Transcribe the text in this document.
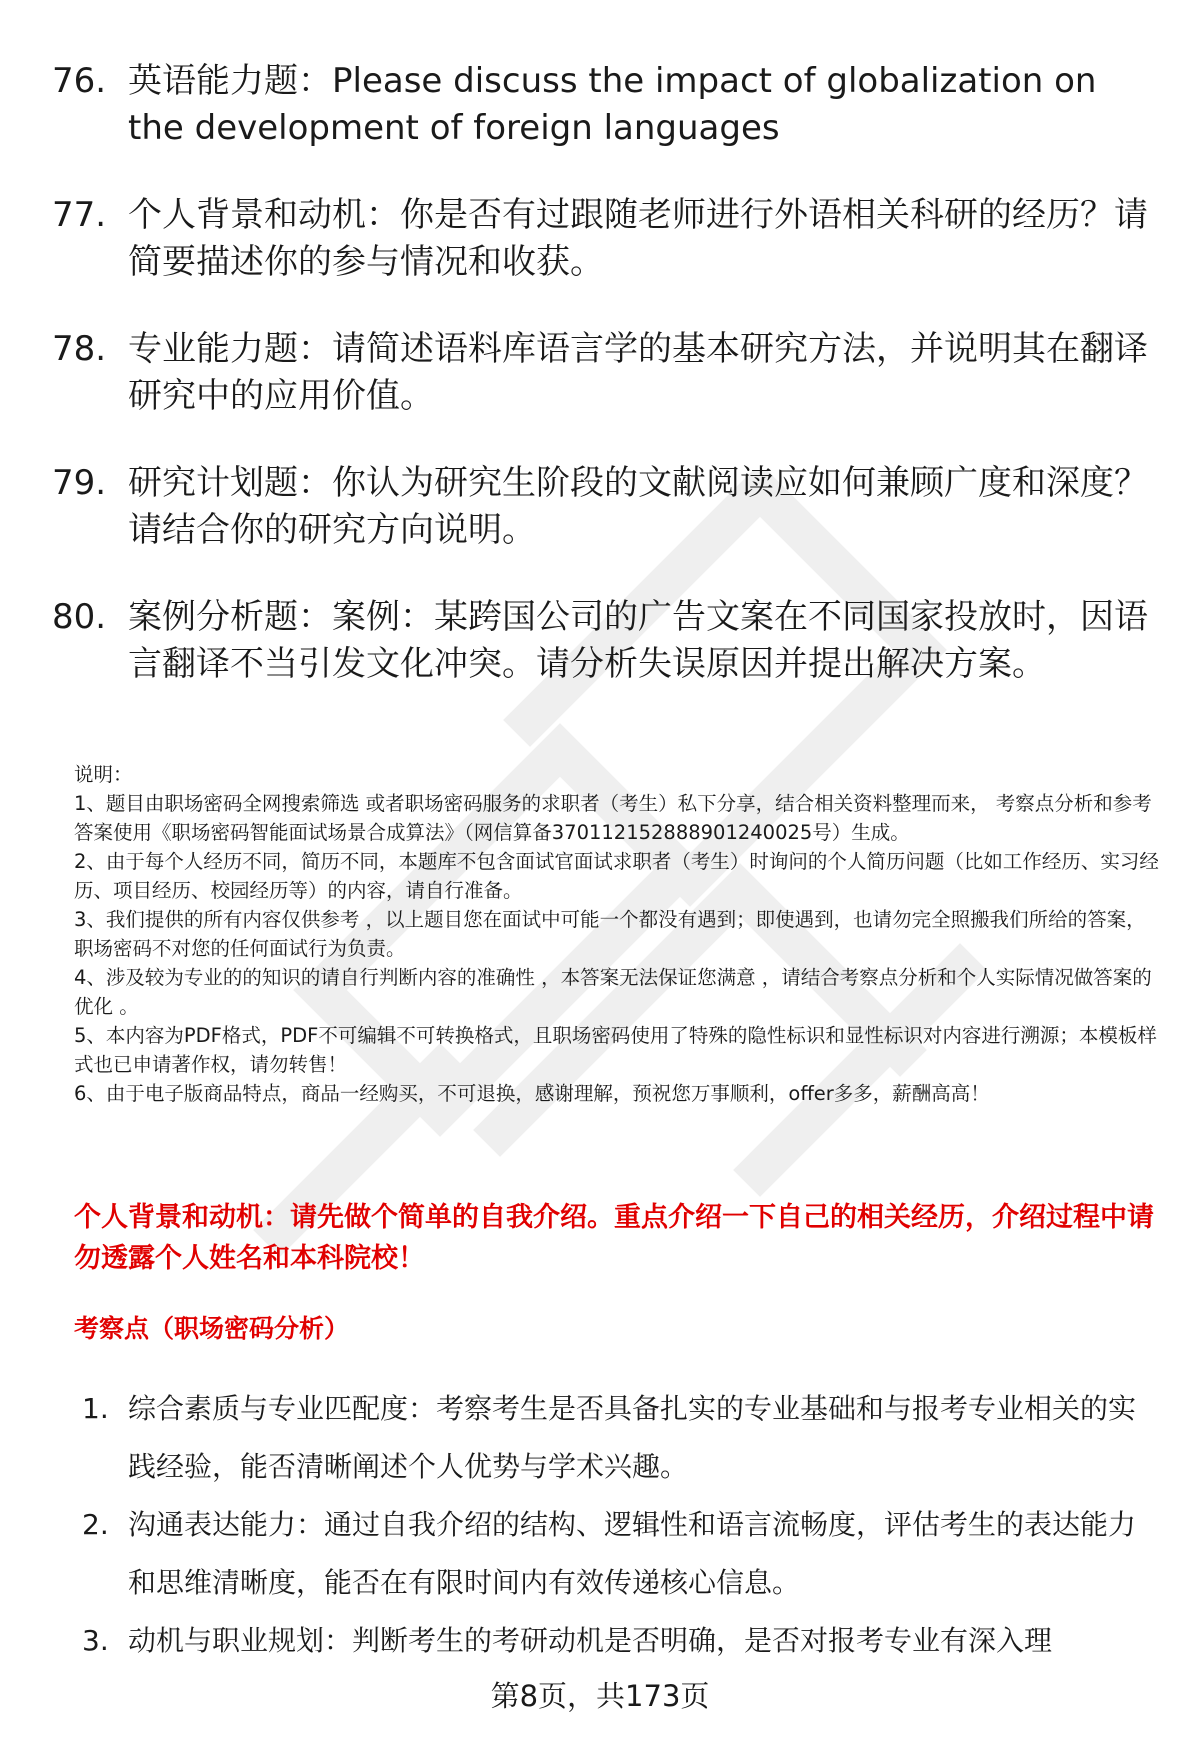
76. 英语能力题：Please discuss the impact of globalization on the development of foreign languages
77. 个人背景和动机：你是否有过跟随老师进行外语相关科研的经历？请简要描述你的参与情况和收获。
78. 专业能力题：请简述语料库语言学的基本研究方法，并说明其在翻译研究中的应用价值。
79. 研究计划题：你认为研究生阶段的文献阅读应如何兼顾广度和深度？请结合你的研究方向说明。
80. 案例分析题：案例：某跨国公司的广告文案在不同国家投放时，因语言翻译不当引发文化冲突。请分析失误原因并提出解决方案。

说明：

1、题目由职场密码全网搜索筛选 或者职场密码服务的求职者（考生）私下分享，结合相关资料整理而来， 考察点分析和参考答案使用《职场密码智能面试场景合成算法》（网信算备370112152888901240025号）生成。

2、由于每个人经历不同，简历不同，本题库不包含面试官面试求职者（考生）时询问的个人简历问题（比如工作经历、实习经历、项目经历、校园经历等）的内容，请自行准备。

3、我们提供的所有内容仅供参考 ，以上题目您在面试中可能一个都没有遇到；即使遇到，也请勿完全照搬我们所给的答案，职场密码不对您的任何面试行为负责。

4、涉及较为专业的的知识的请自行判断内容的准确性 ，本答案无法保证您满意 ，请结合考察点分析和个人实际情况做答案的优化 。

5、本内容为PDF格式，PDF不可编辑不可转换格式，且职场密码使用了特殊的隐性标识和显性标识对内容进行溯源；本模板样式也已申请著作权，请勿转售！

6、由于电子版商品特点，商品一经购买，不可退换，感谢理解，预祝您万事顺利，offer多多，薪酬高高！

个人背景和动机：请先做个简单的自我介绍。重点介绍一下自己的相关经历，介绍过程中请勿透露个人姓名和本科院校！
考察点（职场密码分析）
1. 综合素质与专业匹配度：考察考生是否具备扎实的专业基础和与报考专业相关的实践经验，能否清晰阐述个人优势与学术兴趣。
2. 沟通表达能力：通过自我介绍的结构、逻辑性和语言流畅度，评估考生的表达能力和思维清晰度，能否在有限时间内有效传递核心信息。
3. 动机与职业规划：判断考生的考研动机是否明确，是否对报考专业有深入理
第8页，共173页
